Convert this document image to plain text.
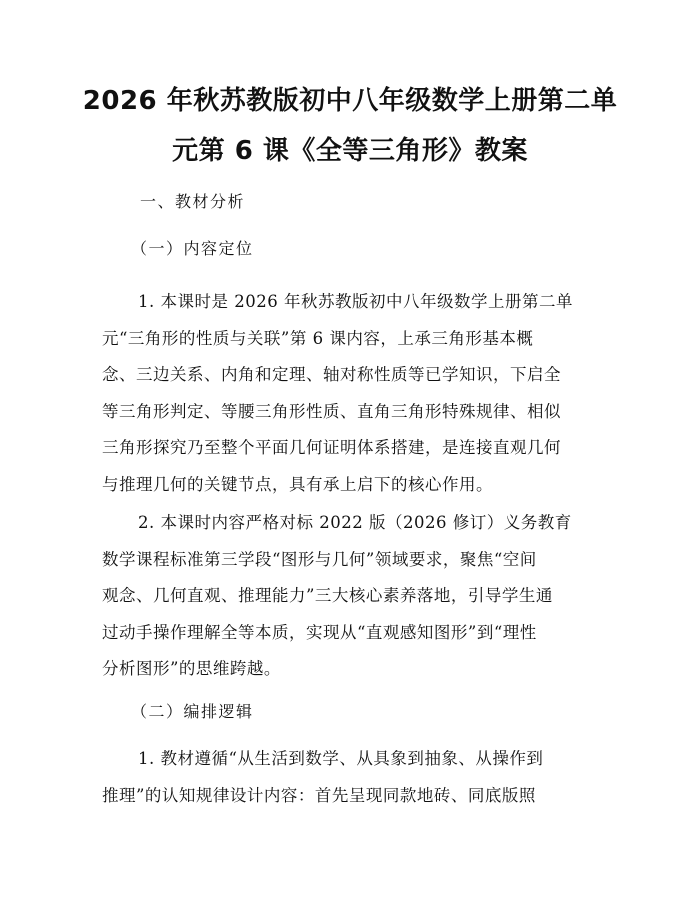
2026 年秋苏教版初中八年级数学上册第二单
元第 6 课《全等三角形》教案
一、教材分析
（一）内容定位
1. 本课时是 2026 年秋苏教版初中八年级数学上册第二单
元“三角形的性质与关联”第 6 课内容，上承三角形基本概
念、三边关系、内角和定理、轴对称性质等已学知识，下启全
等三角形判定、等腰三角形性质、直角三角形特殊规律、相似
三角形探究乃至整个平面几何证明体系搭建，是连接直观几何
与推理几何的关键节点，具有承上启下的核心作用。
2. 本课时内容严格对标 2022 版（2026 修订）义务教育
数学课程标准第三学段“图形与几何”领域要求，聚焦“空间
观念、几何直观、推理能力”三大核心素养落地，引导学生通
过动手操作理解全等本质，实现从“直观感知图形”到“理性
分析图形”的思维跨越。
（二）编排逻辑
1. 教材遵循“从生活到数学、从具象到抽象、从操作到
推理”的认知规律设计内容：首先呈现同款地砖、同底版照
